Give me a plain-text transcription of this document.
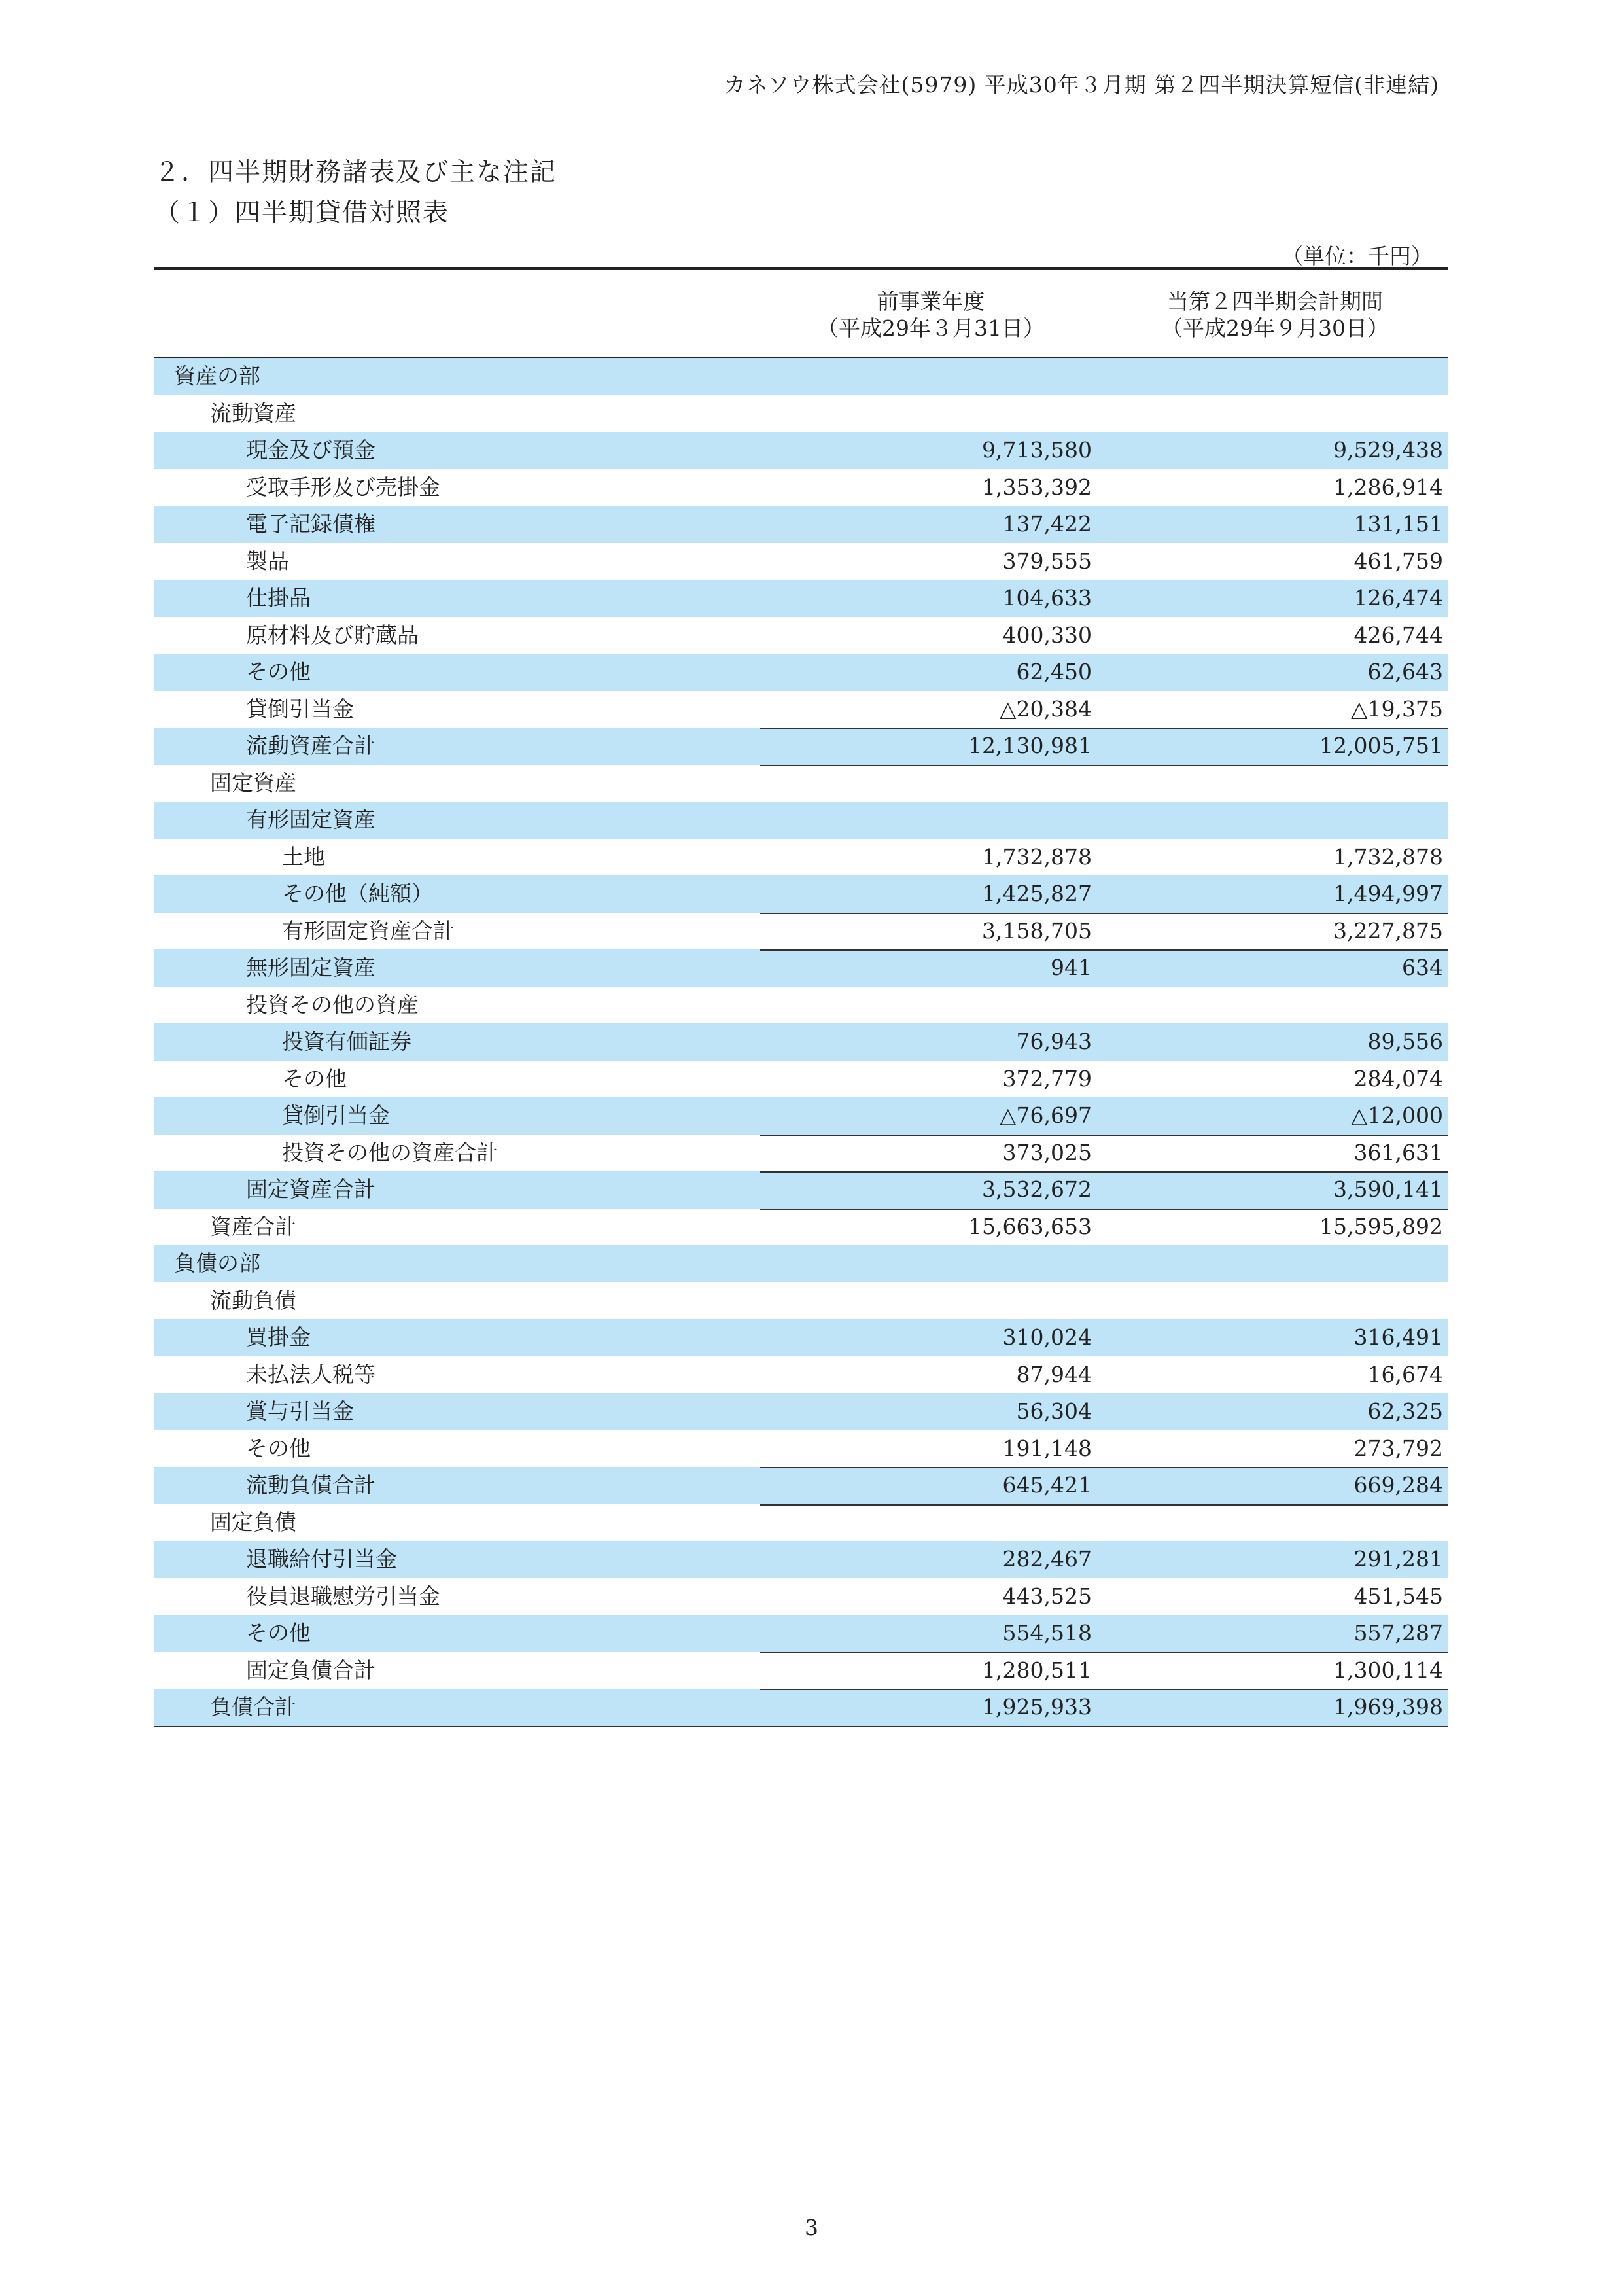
カネソウ株式会社(5979) 平成30年３月期 第２四半期決算短信(非連結)
２．四半期財務諸表及び主な注記
（１）四半期貸借対照表
（単位：千円）
前事業年度
（平成29年３月31日）
当第２四半期会計期間
（平成29年９月30日）
資産の部
流動資産
現金及び預金	9,713,580	9,529,438
受取手形及び売掛金	1,353,392	1,286,914
電子記録債権	137,422	131,151
製品	379,555	461,759
仕掛品	104,633	126,474
原材料及び貯蔵品	400,330	426,744
その他	62,450	62,643
貸倒引当金	△20,384	△19,375
流動資産合計	12,130,981	12,005,751
固定資産
有形固定資産
土地	1,732,878	1,732,878
その他（純額）	1,425,827	1,494,997
有形固定資産合計	3,158,705	3,227,875
無形固定資産	941	634
投資その他の資産
投資有価証券	76,943	89,556
その他	372,779	284,074
貸倒引当金	△76,697	△12,000
投資その他の資産合計	373,025	361,631
固定資産合計	3,532,672	3,590,141
資産合計	15,663,653	15,595,892
負債の部
流動負債
買掛金	310,024	316,491
未払法人税等	87,944	16,674
賞与引当金	56,304	62,325
その他	191,148	273,792
流動負債合計	645,421	669,284
固定負債
退職給付引当金	282,467	291,281
役員退職慰労引当金	443,525	451,545
その他	554,518	557,287
固定負債合計	1,280,511	1,300,114
負債合計	1,925,933	1,969,398
3
